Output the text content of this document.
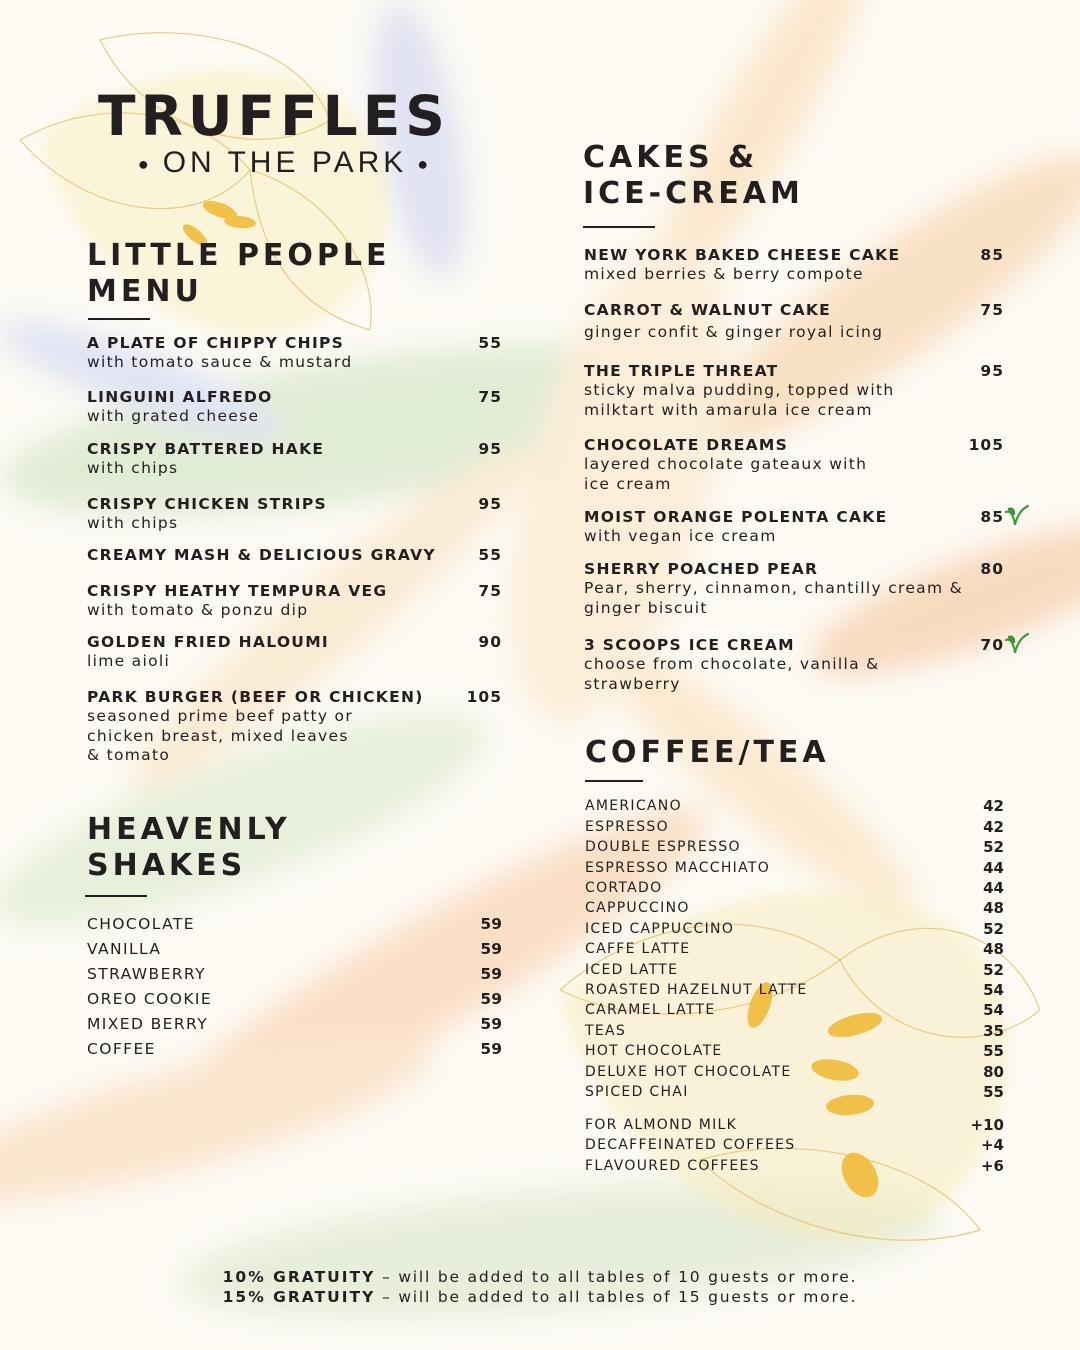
TRUFFLES
● ON THE PARK ●
LITTLE PEOPLE
MENU
A PLATE OF CHIPPY CHIPS
with tomato sauce & mustard
55
LINGUINI ALFREDO
with grated cheese
75
CRISPY BATTERED HAKE
with chips
95
CRISPY CHICKEN STRIPS
with chips
95
CREAMY MASH & DELICIOUS GRAVY	55
CRISPY HEATHY TEMPURA VEG
with tomato & ponzu dip
75
GOLDEN FRIED HALOUMI
lime aioli
90
PARK BURGER (BEEF OR CHICKEN)
seasoned prime beef patty or
chicken breast, mixed leaves
& tomato
105
HEAVENLY
SHAKES
CHOCOLATE	59
VANILLA	59
STRAWBERRY	59
OREO COOKIE	59
MIXED BERRY	59
COFFEE	59
CAKES &
ICE-CREAM
NEW YORK BAKED CHEESE CAKE
mixed berries & berry compote
85
CARROT & WALNUT CAKE
ginger confit & ginger royal icing
75
THE TRIPLE THREAT
sticky malva pudding, topped with
milktart with amarula ice cream
95
CHOCOLATE DREAMS
layered chocolate gateaux with
ice cream
105
MOIST ORANGE POLENTA CAKE
with vegan ice cream
85
SHERRY POACHED PEAR
Pear, sherry, cinnamon, chantilly cream &
ginger biscuit
80
3 SCOOPS ICE CREAM
choose from chocolate, vanilla &
strawberry
70
COFFEE/TEA
AMERICANO	42
ESPRESSO	42
DOUBLE ESPRESSO	52
ESPRESSO MACCHIATO	44
CORTADO	44
CAPPUCCINO	48
ICED CAPPUCCINO	52
CAFFE LATTE	48
ICED LATTE	52
ROASTED HAZELNUT LATTE	54
CARAMEL LATTE	54
TEAS	35
HOT CHOCOLATE	55
DELUXE HOT CHOCOLATE	80
SPICED CHAI	55
FOR ALMOND MILK	+10
DECAFFEINATED COFFEES	+4
FLAVOURED COFFEES	+6
10% GRATUITY – will be added to all tables of 10 guests or more.
15% GRATUITY – will be added to all tables of 15 guests or more.
